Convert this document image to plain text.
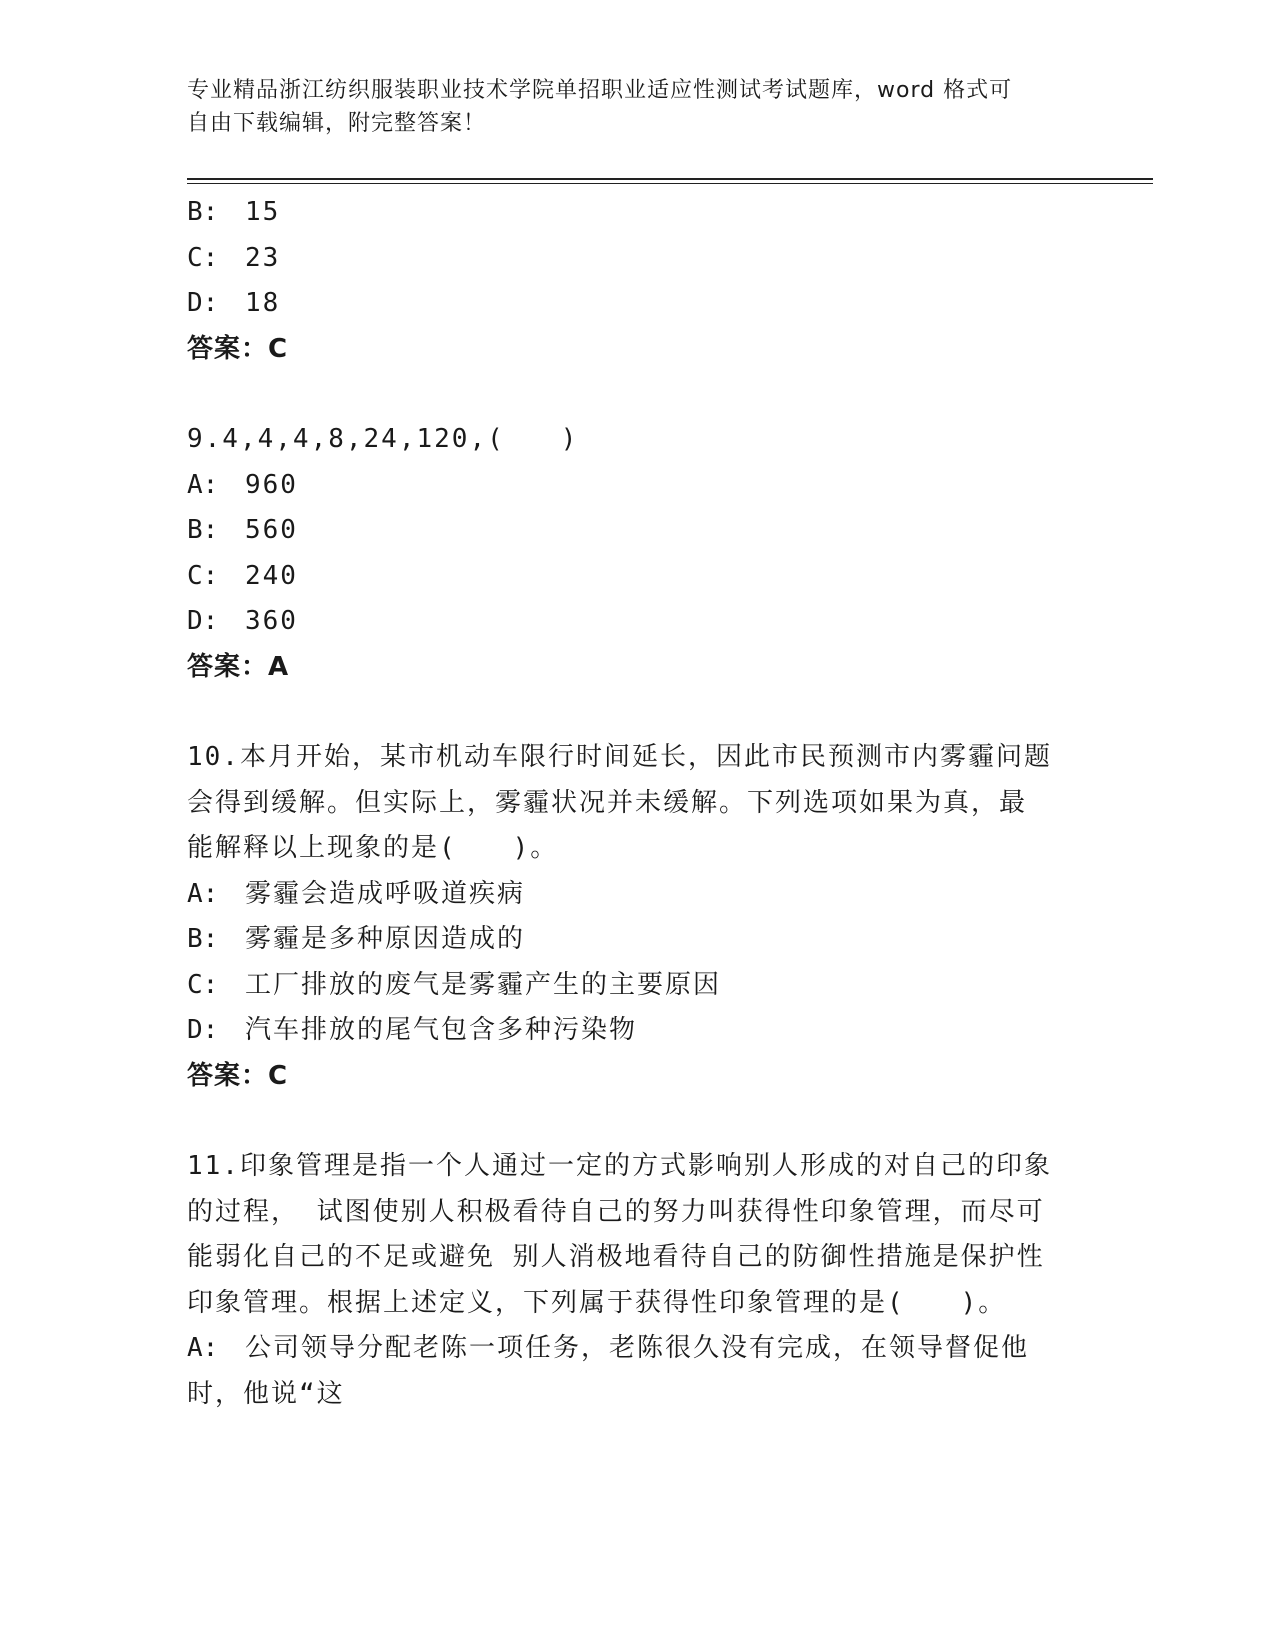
专业精品浙江纺织服装职业技术学院单招职业适应性测试考试题库，word 格式可
自由下载编辑，附完整答案！
B:	15
C:	23
D:	18
答案：C
9.4,4,4,8,24,120,(　　)
A:	960
B:	560
C:	240
D:	360
答案：A
10.本月开始，某市机动车限行时间延长，因此市民预测市内雾霾问题
会得到缓解。但实际上，雾霾状况并未缓解。下列选项如果为真，最
能解释以上现象的是(　　)。
A:	雾霾会造成呼吸道疾病
B:	雾霾是多种原因造成的
C:	工厂排放的废气是雾霾产生的主要原因
D:	汽车排放的尾气包含多种污染物
答案：C
11.印象管理是指一个人通过一定的方式影响别人形成的对自己的印象
的过程， 试图使别人积极看待自己的努力叫获得性印象管理，而尽可
能弱化自己的不足或避免 别人消极地看待自己的防御性措施是保护性
印象管理。根据上述定义，下列属于获得性印象管理的是(　　)。
A:	公司领导分配老陈一项任务，老陈很久没有完成，在领导督促他
时，他说“这
